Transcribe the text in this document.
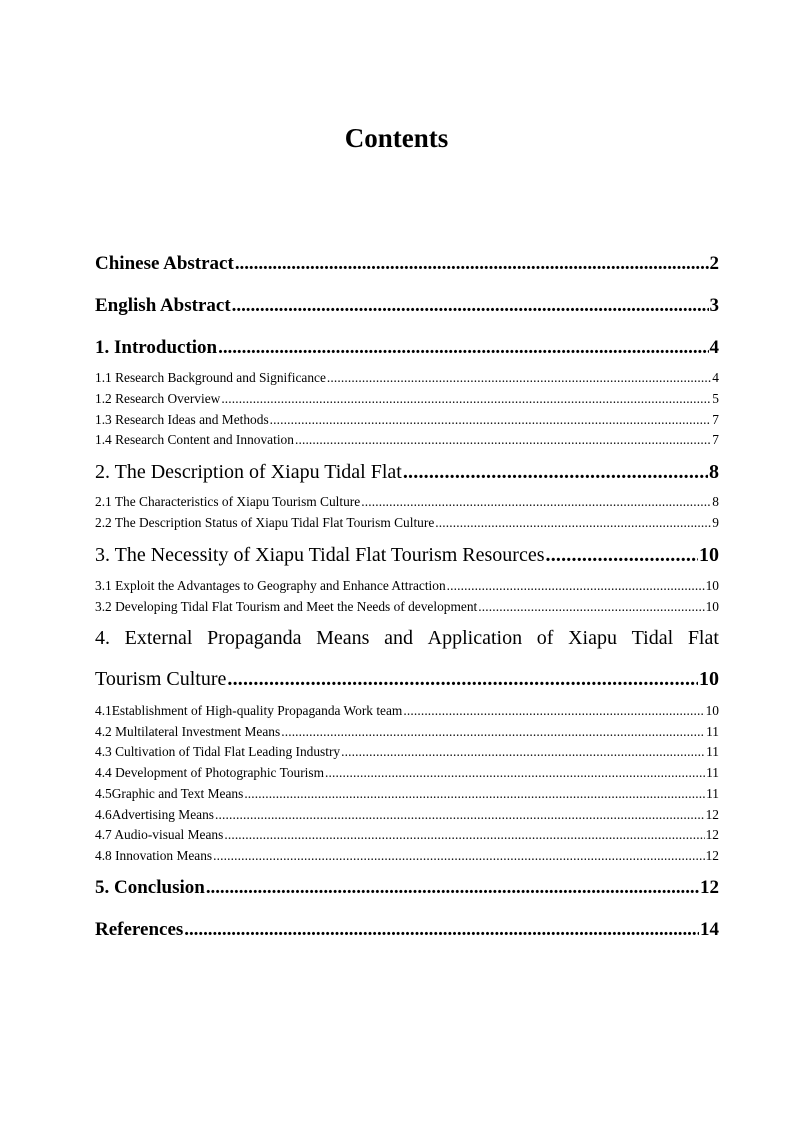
Contents
Chinese Abstract . . .	2
English Abstract . . .	3
1. Introduction . . .	4
1.1 Research Background and Significance . . .	4
1.2 Research Overview . . .	5
1.3 Research Ideas and Methods . . .	7
1.4 Research Content and Innovation . . .	7
2. The Description of Xiapu Tidal Flat . . .	8
2.1 The Characteristics of Xiapu Tourism Culture . . .	8
2.2 The Description Status of Xiapu Tidal Flat Tourism Culture . . .	9
3. The Necessity of Xiapu Tidal Flat Tourism Resources . . .	10
3.1 Exploit the Advantages to Geography and Enhance Attraction . . .	10
3.2 Developing Tidal Flat Tourism and Meet the Needs of development . . .	10
4. External Propaganda Means and Application of Xiapu Tidal Flat
Tourism Culture . . .	10
4.1Establishment of High-quality Propaganda Work team . . .	10
4.2 Multilateral Investment Means . . .	11
4.3 Cultivation of Tidal Flat Leading Industry . . .	11
4.4 Development of Photographic Tourism . . .	11
4.5Graphic and Text Means . . .	11
4.6Advertising Means . . .	12
4.7 Audio-visual Means . . .	12
4.8 Innovation Means . . .	12
5. Conclusion . . .	12
References . . .	14
